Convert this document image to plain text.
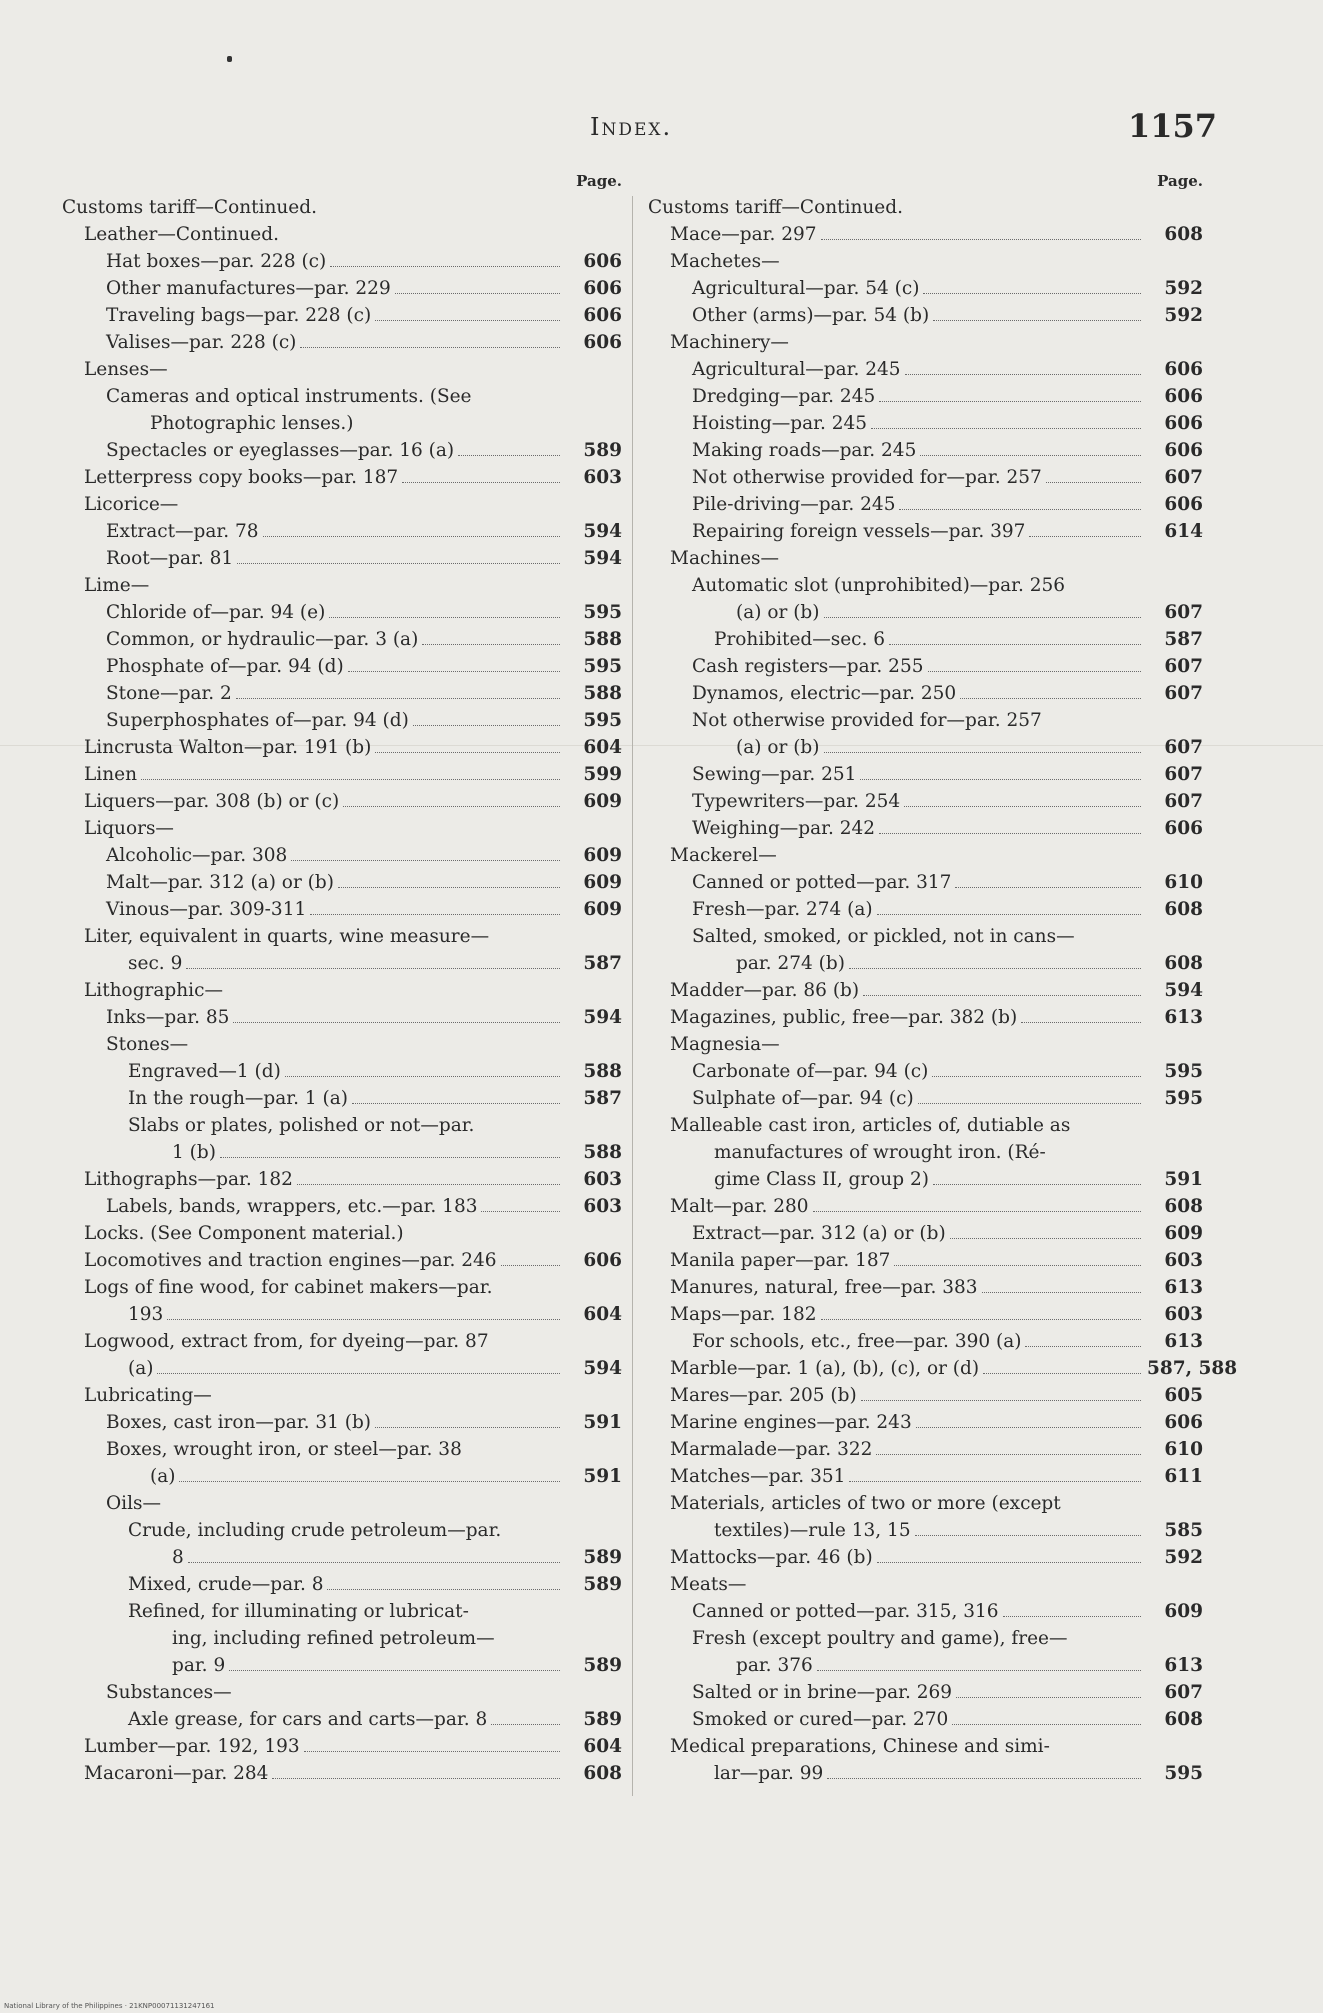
Index.	1157
Page.
Customs tariff—Continued.
Leather—Continued.
Hat boxes—par. 228 (c)	606
Other manufactures—par. 229	606
Traveling bags—par. 228 (c)	606
Valises—par. 228 (c)	606
Lenses—
Cameras and optical instruments. (See
Photographic lenses.)
Spectacles or eyeglasses—par. 16 (a)	589
Letterpress copy books—par. 187	603
Licorice—
Extract—par. 78	594
Root—par. 81	594
Lime—
Chloride of—par. 94 (e)	595
Common, or hydraulic—par. 3 (a)	588
Phosphate of—par. 94 (d)	595
Stone—par. 2	588
Superphosphates of—par. 94 (d)	595
Lincrusta Walton—par. 191 (b)	604
Linen	599
Liquers—par. 308 (b) or (c)	609
Liquors—
Alcoholic—par. 308	609
Malt—par. 312 (a) or (b)	609
Vinous—par. 309-311	609
Liter, equivalent in quarts, wine measure—
sec. 9	587
Lithographic—
Inks—par. 85	594
Stones—
Engraved—1 (d)	588
In the rough—par. 1 (a)	587
Slabs or plates, polished or not—par.
1 (b)	588
Lithographs—par. 182	603
Labels, bands, wrappers, etc.—par. 183	603
Locks. (See Component material.)
Locomotives and traction engines—par. 246	606
Logs of fine wood, for cabinet makers—par.
193	604
Logwood, extract from, for dyeing—par. 87
(a)	594
Lubricating—
Boxes, cast iron—par. 31 (b)	591
Boxes, wrought iron, or steel—par. 38
(a)	591
Oils—
Crude, including crude petroleum—par.
8	589
Mixed, crude—par. 8	589
Refined, for illuminating or lubricat-
ing, including refined petroleum—
par. 9	589
Substances—
Axle grease, for cars and carts—par. 8	589
Lumber—par. 192, 193	604
Macaroni—par. 284	608
Page.
Customs tariff—Continued.
Mace—par. 297	608
Machetes—
Agricultural—par. 54 (c)	592
Other (arms)—par. 54 (b)	592
Machinery—
Agricultural—par. 245	606
Dredging—par. 245	606
Hoisting—par. 245	606
Making roads—par. 245	606
Not otherwise provided for—par. 257	607
Pile-driving—par. 245	606
Repairing foreign vessels—par. 397	614
Machines—
Automatic slot (unprohibited)—par. 256
(a) or (b)	607
Prohibited—sec. 6	587
Cash registers—par. 255	607
Dynamos, electric—par. 250	607
Not otherwise provided for—par. 257
(a) or (b)	607
Sewing—par. 251	607
Typewriters—par. 254	607
Weighing—par. 242	606
Mackerel—
Canned or potted—par. 317	610
Fresh—par. 274 (a)	608
Salted, smoked, or pickled, not in cans—
par. 274 (b)	608
Madder—par. 86 (b)	594
Magazines, public, free—par. 382 (b)	613
Magnesia—
Carbonate of—par. 94 (c)	595
Sulphate of—par. 94 (c)	595
Malleable cast iron, articles of, dutiable as
manufactures of wrought iron. (Ré-
gime Class II, group 2)	591
Malt—par. 280	608
Extract—par. 312 (a) or (b)	609
Manila paper—par. 187	603
Manures, natural, free—par. 383	613
Maps—par. 182	603
For schools, etc., free—par. 390 (a)	613
Marble—par. 1 (a), (b), (c), or (d)	587, 588
Mares—par. 205 (b)	605
Marine engines—par. 243	606
Marmalade—par. 322	610
Matches—par. 351	611
Materials, articles of two or more (except
textiles)—rule 13, 15	585
Mattocks—par. 46 (b)	592
Meats—
Canned or potted—par. 315, 316	609
Fresh (except poultry and game), free—
par. 376	613
Salted or in brine—par. 269	607
Smoked or cured—par. 270	608
Medical preparations, Chinese and simi-
lar—par. 99	595
National Library of the Philippines · 21KNP00071131247161
